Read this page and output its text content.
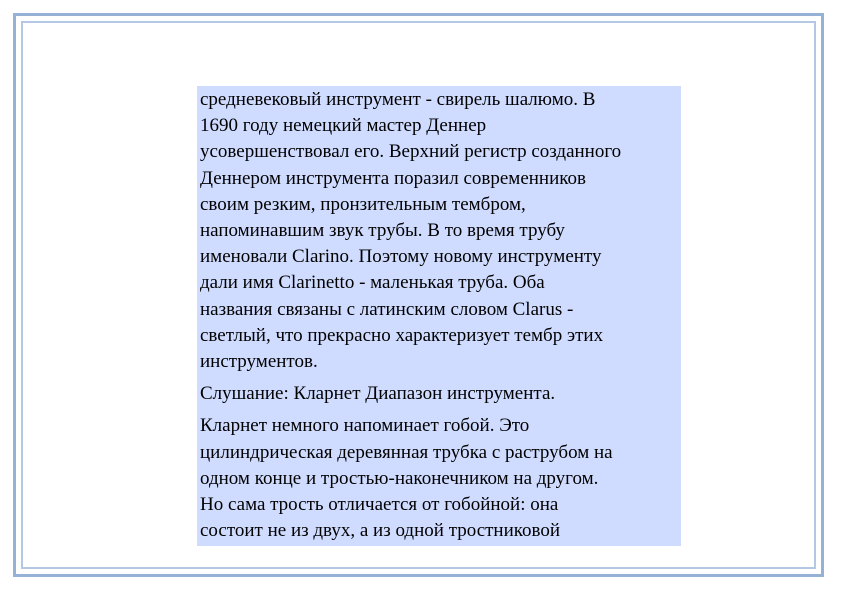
средневековый инструмент - свирель шалюмо. В
1690 году немецкий мастер Деннер
усовершенствовал его. Верхний регистр созданного
Деннером инструмента поразил современников
своим резким, пронзительным тембром,
напоминавшим звук трубы. В то время трубу
именовали Clarino. Поэтому новому инструменту
дали имя Clarinetto - маленькая труба. Оба
названия связаны с латинским словом Clarus -
светлый, что прекрасно характеризует тембр этих
инструментов.

Слушание: Кларнет Диапазон инструмента.

Кларнет немного напоминает гобой. Это
цилиндрическая деревянная трубка с раструбом на
одном конце и тростью-наконечником на другом.
Но сама трость отличается от гобойной: она
состоит не из двух, а из одной тростниковой
